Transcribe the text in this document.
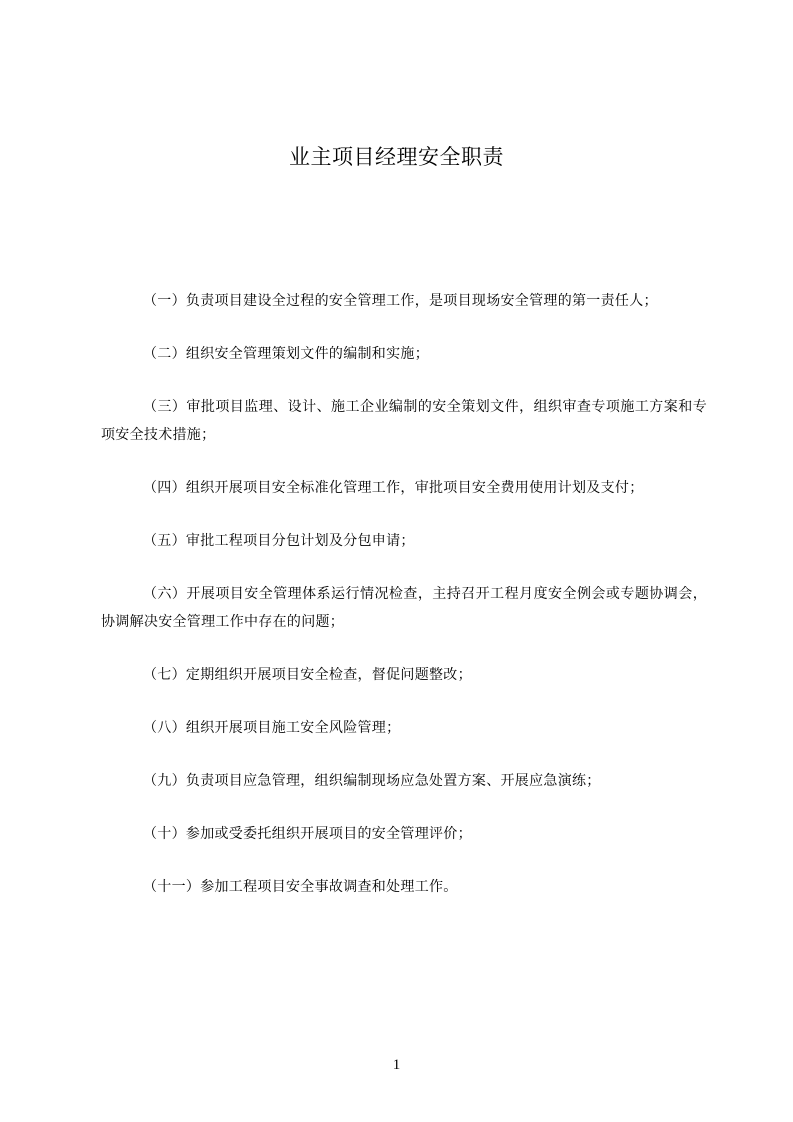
业主项目经理安全职责

（一）负责项目建设全过程的安全管理工作，是项目现场安全管理的第一责任人；

（二）组织安全管理策划文件的编制和实施；

（三）审批项目监理、设计、施工企业编制的安全策划文件，组织审查专项施工方案和专项安全技术措施；

（四）组织开展项目安全标准化管理工作，审批项目安全费用使用计划及支付；

（五）审批工程项目分包计划及分包申请；

（六）开展项目安全管理体系运行情况检查，主持召开工程月度安全例会或专题协调会，协调解决安全管理工作中存在的问题；

（七）定期组织开展项目安全检查，督促问题整改；

（八）组织开展项目施工安全风险管理；

（九）负责项目应急管理，组织编制现场应急处置方案、开展应急演练；

（十）参加或受委托组织开展项目的安全管理评价；

（十一）参加工程项目安全事故调查和处理工作。

1
